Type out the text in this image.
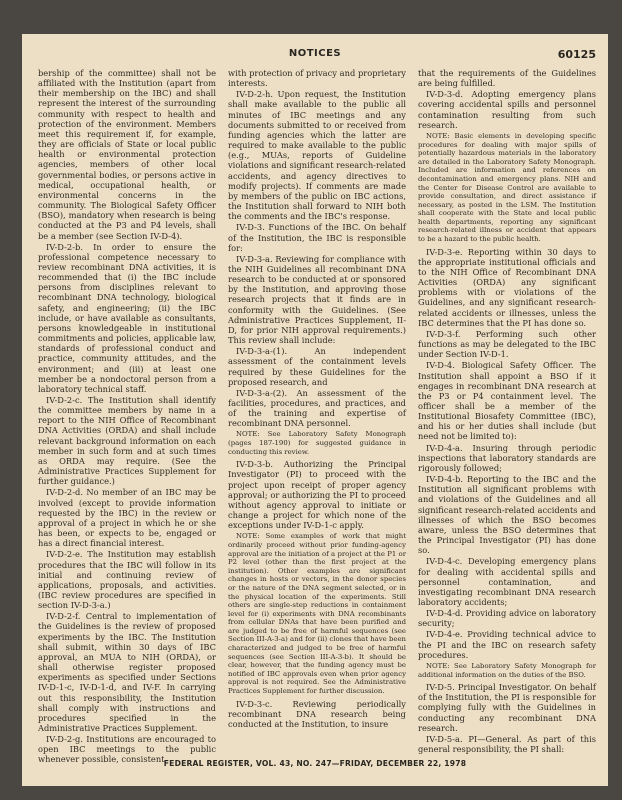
NOTICES	60125

bership of the committee) shall not be affiliated with the Institution (apart from their membership on the IBC) and shall represent the interest of the surrounding community with respect to health and protection of the environment. Members meet this requirement if, for example, they are officials of State or local public health or environmental protection agencies, members of other local governmental bodies, or persons active in medical, occupational health, or environmental concerns in the community. The Biological Safety Officer (BSO), mandatory when research is being conducted at the P3 and P4 levels, shall be a member (see Section IV-D-4).

IV-D-2-b. In order to ensure the professional competence necessary to review recombinant DNA activities, it is recommended that (i) the IBC include persons from disciplines relevant to recombinant DNA technology, biological safety, and engineering; (ii) the IBC include, or have available as consultants, persons knowledgeable in institutional commitments and policies, applicable law, standards of professional conduct and practice, community attitudes, and the environment; and (iii) at least one member be a nondoctoral person from a laboratory technical staff.

IV-D-2-c. The Institution shall identify the committee members by name in a report to the NIH Office of Recombinant DNA Activities (ORDA) and shall include relevant background information on each member in such form and at such times as ORDA may require. (See the Administrative Practices Supplement for further guidance.)

IV-D-2-d. No member of an IBC may be involved (except to provide information requested by the IBC) in the review or approval of a project in which he or she has been, or expects to be, engaged or has a direct financial interest.

IV-D-2-e. The Institution may establish procedures that the IBC will follow in its initial and continuing review of applications, proposals, and activities. (IBC review procedures are specified in section IV-D-3-a.)

IV-D-2-f. Central to implementation of the Guidelines is the review of proposed experiments by the IBC. The Institution shall submit, within 30 days of IBC approval, an MUA to NIH (ORDA), or shall otherwise register proposed experiments as specified under Sections IV-D-1-c, IV-D-1-d, and IV-F. In carrying out this responsibility, the Institution shall comply with instructions and procedures specified in the Administrative Practices Supplement.

IV-D-2-g. Institutions are encouraged to open IBC meetings to the public whenever possible, consistent

with protection of privacy and proprietary interests.

IV-D-2-h. Upon request, the Institution shall make available to the public all minutes of IBC meetings and any documents submitted to or received from funding agencies which the latter are required to make available to the public (e.g., MUAs, reports of Guideline violations and significant research-related accidents, and agency directives to modify projects). If comments are made by members of the public on IBC actions, the Institution shall forward to NIH both the comments and the IBC's response.

IV-D-3. Functions of the IBC. On behalf of the Institution, the IBC is responsible for:

IV-D-3-a. Reviewing for compliance with the NIH Guidelines all recombinant DNA research to be conducted at or sponsored by the Institution, and approving those research projects that it finds are in conformity with the Guidelines. (See Administrative Practices Supplement, II-D, for prior NIH approval requirements.) This review shall include:

IV-D-3-a-(1). An independent assessment of the containment levels required by these Guidelines for the proposed research, and

IV-D-3-a-(2). An assessment of the facilities, procedures, and practices, and of the training and expertise of recombinant DNA personnel.

NOTE: See Laboratory Safety Monograph (pages 187-190) for suggested guidance in conducting this review.

IV-D-3-b. Authorizing the Principal Investigator (PI) to proceed with the project upon receipt of proper agency approval; or authorizing the PI to proceed without agency approval to initiate or change a project for which none of the exceptions under IV-D-1-c apply.

NOTE: Some examples of work that might ordinarily proceed without prior funding-agency approval are the initiation of a project at the P1 or P2 level (other than the first project at the institution). Other examples are significant changes in hosts or vectors, in the donor species or the nature of the DNA segment selected, or in the physical location of the experiments. Still others are single-step reductions in containment level for (i) experiments with DNA recombinants from cellular DNAs that have been purified and are judged to be free of harmful sequences (see Section III-A-3-a) and for (ii) clones that have been characterized and judged to be free of harmful sequences (see Section III-A-3-b). It should be clear, however, that the funding agency must be notified of IBC approvals even when prior agency approval is not required. See the Administrative Practices Supplement for further discussion.

IV-D-3-c. Reviewing periodically recombinant DNA research being conducted at the Institution, to insure

that the requirements of the Guidelines are being fulfilled.

IV-D-3-d. Adopting emergency plans covering accidental spills and personnel contamination resulting from such research.

NOTE: Basic elements in developing specific procedures for dealing with major spills of potentially hazardous materials in the laboratory are detailed in the Laboratory Safety Monograph. Included are information and references on decontamination and emergency plans. NIH and the Center for Disease Control are available to provide consultation, and direct assistance if necessary, as posted in the LSM. The Institution shall cooperate with the State and local public health departments, reporting any significant research-related illness or accident that appears to be a hazard to the public health.

IV-D-3-e. Reporting within 30 days to the appropriate institutional officials and to the NIH Office of Recombinant DNA Activities (ORDA) any significant problems with or violations of the Guidelines, and any significant research-related accidents or illnesses, unless the IBC determines that the PI has done so.

IV-D-3-f. Performing such other functions as may be delegated to the IBC under Section IV-D-1.

IV-D-4. Biological Safety Officer. The Institution shall appoint a BSO if it engages in recombinant DNA research at the P3 or P4 containment level. The officer shall be a member of the Institutional Biosafety Committee (IBC), and his or her duties shall include (but need not be limited to):

IV-D-4-a. Insuring through periodic inspections that laboratory standards are rigorously followed;

IV-D-4-b. Reporting to the IBC and the Institution all significant problems with and violations of the Guidelines and all significant research-related accidents and illnesses of which the BSO becomes aware, unless the BSO determines that the Principal Investigator (PI) has done so.

IV-D-4-c. Developing emergency plans for dealing with accidental spills and personnel contamination, and investigating recombinant DNA research laboratory accidents;

IV-D-4-d. Providing advice on laboratory security;

IV-D-4-e. Providing technical advice to the PI and the IBC on research safety procedures.

NOTE: See Laboratory Safety Monograph for additional information on the duties of the BSO.

IV-D-5. Principal Investigator. On behalf of the Institution, the PI is responsible for complying fully with the Guidelines in conducting any recombinant DNA research.

IV-D-5-a. PI—General. As part of this general responsibility, the PI shall:

FEDERAL REGISTER, VOL. 43, NO. 247—FRIDAY, DECEMBER 22, 1978
